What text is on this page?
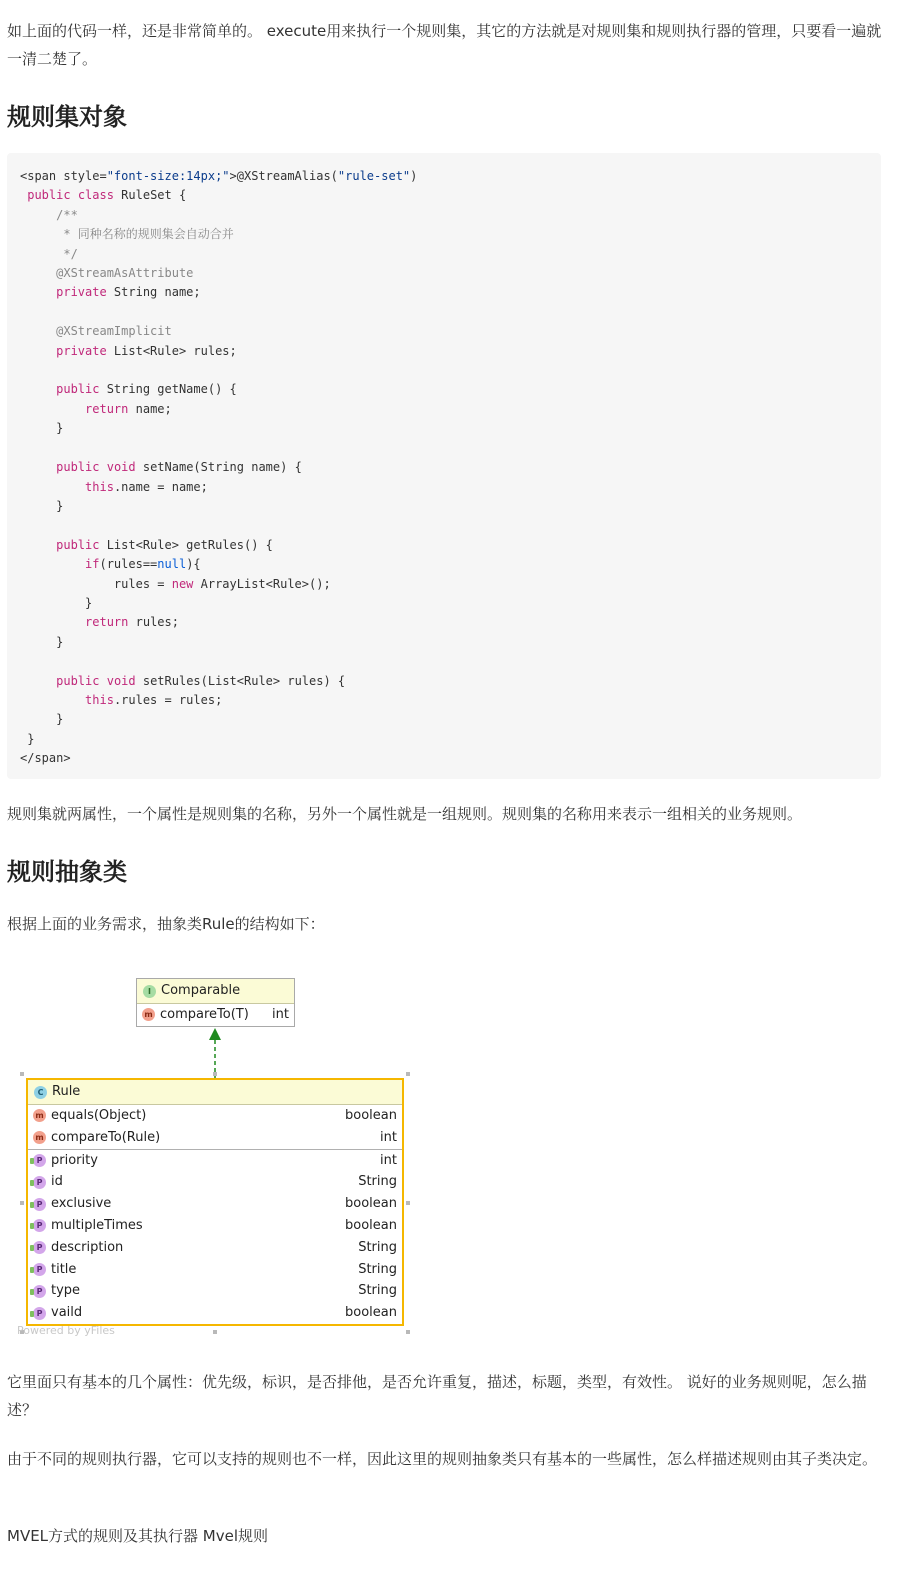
如上面的代码一样，还是非常简单的。 execute用来执行一个规则集，其它的方法就是对规则集和规则执行器的管理，只要看一遍就一清二楚了。

规则集对象
<span style="font-size:14px;">@XStreamAlias("rule-set")
public class RuleSet {
/**
* 同种名称的规则集会自动合并
*/
@XStreamAsAttribute
private String name;

@XStreamImplicit
private List<Rule> rules;

public String getName() {
return name;
}

public void setName(String name) {
this.name = name;
}

public List<Rule> getRules() {
if(rules==null){
rules = new ArrayList<Rule>();
}
return rules;
}

public void setRules(List<Rule> rules) {
this.rules = rules;
}
}
</span>

规则集就两属性，一个属性是规则集的名称，另外一个属性就是一组规则。规则集的名称用来表示一组相关的业务规则。

规则抽象类

根据上面的业务需求，抽象类Rule的结构如下：

I Comparable
m compareTo(T)	int
C Rule
m equals(Object)	boolean
m compareTo(Rule)	int
P priority	int
P id	String
P exclusive	boolean
P multipleTimes	boolean
P description	String
P title	String
P type	String
P vaild	boolean
Powered by yFiles

它里面只有基本的几个属性：优先级，标识，是否排他，是否允许重复，描述，标题，类型，有效性。 说好的业务规则呢，怎么描述？

由于不同的规则执行器，它可以支持的规则也不一样，因此这里的规则抽象类只有基本的一些属性，怎么样描述规则由其子类决定。

MVEL方式的规则及其执行器 Mvel规则
